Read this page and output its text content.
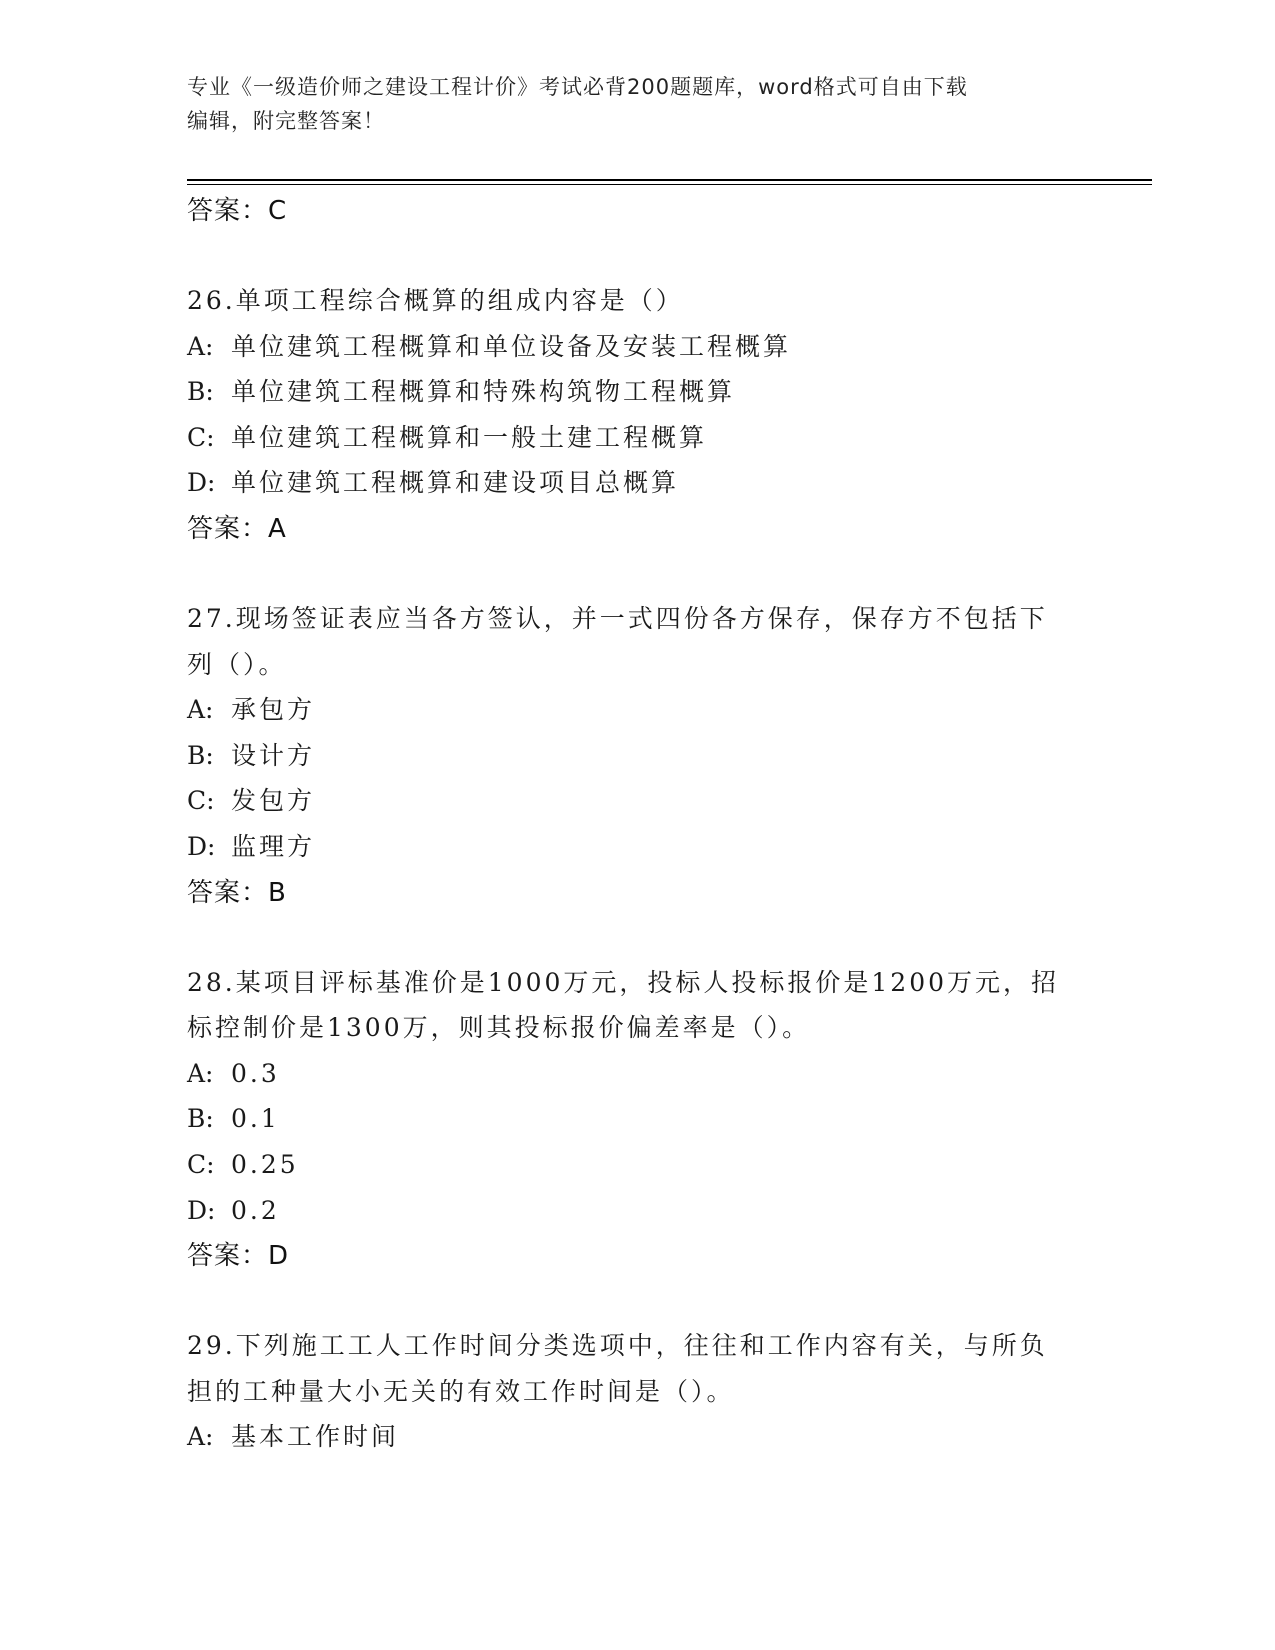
专业《一级造价师之建设工程计价》考试必背200题题库，word格式可自由下载
编辑，附完整答案！
答案：C
26.单项工程综合概算的组成内容是（）
A: 单位建筑工程概算和单位设备及安装工程概算
B: 单位建筑工程概算和特殊构筑物工程概算
C: 单位建筑工程概算和一般土建工程概算
D: 单位建筑工程概算和建设项目总概算
答案：A
27.现场签证表应当各方签认，并一式四份各方保存，保存方不包括下
列（）。
A: 承包方
B: 设计方
C: 发包方
D: 监理方
答案：B
28.某项目评标基准价是1000万元，投标人投标报价是1200万元，招
标控制价是1300万，则其投标报价偏差率是（）。
A: 0.3
B: 0.1
C: 0.25
D: 0.2
答案：D
29.下列施工工人工作时间分类选项中，往往和工作内容有关，与所负
担的工种量大小无关的有效工作时间是（）。
A: 基本工作时间
